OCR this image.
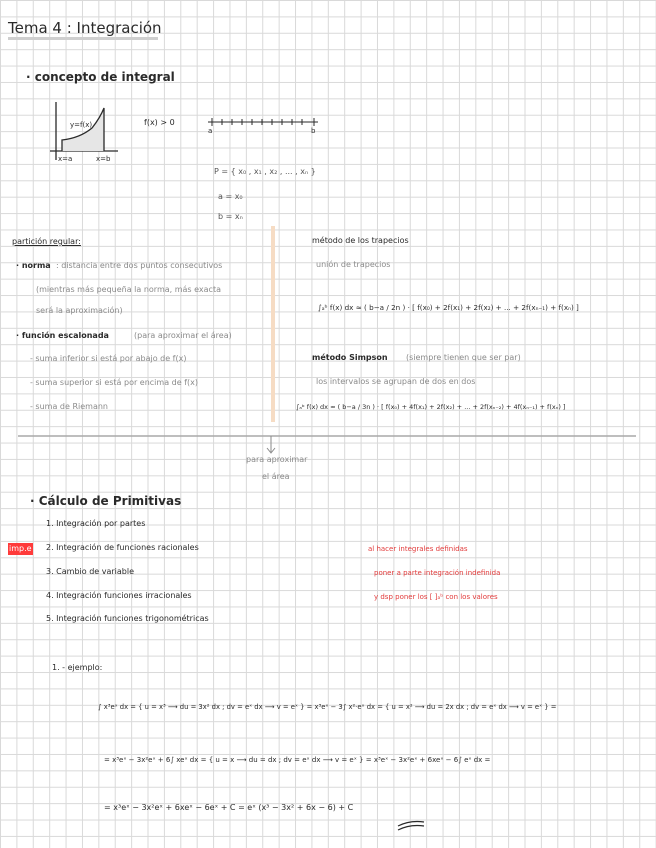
Tema 4 : Integración
· concepto de integral
y=f(x)
x=a	x=b
f(x) > 0
a	b
P = { x₀ , x₁ , x₂ , ... , xₙ }
a = x₀
b = xₙ
partición regular:
· norma : distancia entre dos puntos consecutivos
(mientras más pequeña la norma, más exacta
será la aproximación)
· función escalonada	(para aproximar el área)
- suma inferior si está por abajo de f(x)
- suma superior si está por encima de f(x)
- suma de Riemann
método de los trapecios
unión de trapecios
∫ₐᵇ f(x) dx ≈ ( b−a / 2n ) · [ f(x₀) + 2f(x₁) + 2f(x₂) + ... + 2f(xₙ₋₁) + f(xₙ) ]
método Simpson (siempre tienen que ser par)
los intervalos se agrupan de dos en dos
∫ₐᵇ f(x) dx ≈ ( b−a / 3n ) · [ f(x₀) + 4f(x₁) + 2f(x₂) + ... + 2f(xₙ₋₂) + 4f(xₙ₋₁) + f(xₙ) ]
para aproximar
el área
· Cálculo de Primitivas
1. Integración por partes
imp.e 2. Integración de funciones racionales
3. Cambio de variable
4. Integración funciones irracionales
5. Integración funciones trigonométricas
al hacer integrales definidas
poner a parte integración indefinida
y dsp poner los [ ]ₐᵇ con los valores
1. - ejemplo:
∫ x³eˣ dx = { u = x³ ⟶ du = 3x² dx ; dv = eˣ dx ⟶ v = eˣ } = x³eˣ − 3∫ x²·eˣ dx = { u = x² ⟶ du = 2x dx ; dv = eˣ dx ⟶ v = eˣ } =
= x³eˣ − 3x²eˣ + 6∫ xeˣ dx = { u = x ⟶ du = dx ; dv = eˣ dx ⟶ v = eˣ } = x³eˣ − 3x²eˣ + 6xeˣ − 6∫ eˣ dx =
= x³eˣ − 3x²eˣ + 6xeˣ − 6eˣ + C = eˣ (x³ − 3x² + 6x − 6) + C
